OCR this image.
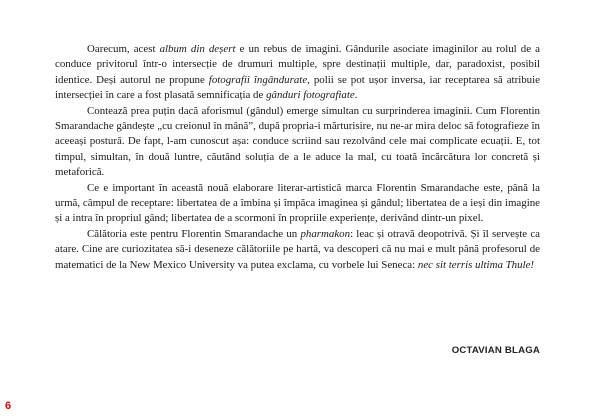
Oarecum, acest album din deșert e un rebus de imagini. Gândurile asociate imaginilor au rolul de a conduce privitorul într-o intersecție de drumuri multiple, spre destinații multiple, dar, paradoxist, posibil identice. Deși autorul ne propune fotografii îngândurate, polii se pot ușor inversa, iar receptarea să atribuie intersecției în care a fost plasată semnificația de gânduri fotografiate.

Contează prea puțin dacă aforismul (gândul) emerge simultan cu surprinderea imaginii. Cum Florentin Smarandache gândește „cu creionul în mână”, după propria-i mărturisire, nu ne-ar mira deloc să fotografieze în aceeași postură. De fapt, l-am cunoscut așa: conduce scriind sau rezolvând cele mai complicate ecuații. E, tot timpul, simultan, în două luntre, căutând soluția de a le aduce la mal, cu toată încărcătura lor concretă și metaforică.

Ce e important în această nouă elaborare literar-artistică marca Florentin Smarandache este, până la urmă, câmpul de receptare: libertatea de a îmbina și împăca imaginea și gândul; libertatea de a ieși din imagine și a intra în propriul gând; libertatea de a scormoni în propriile experiențe, derivând dintr-un pixel.

Călătoria este pentru Florentin Smarandache un pharmakon: leac și otravă deopotrivă. Și îl servește ca atare. Cine are curiozitatea să-i deseneze călătoriile pe hartă, va descoperi că nu mai e mult până profesorul de matematici de la New Mexico University va putea exclama, cu vorbele lui Seneca: nec sit terris ultima Thule!

OCTAVIAN BLAGA
6
